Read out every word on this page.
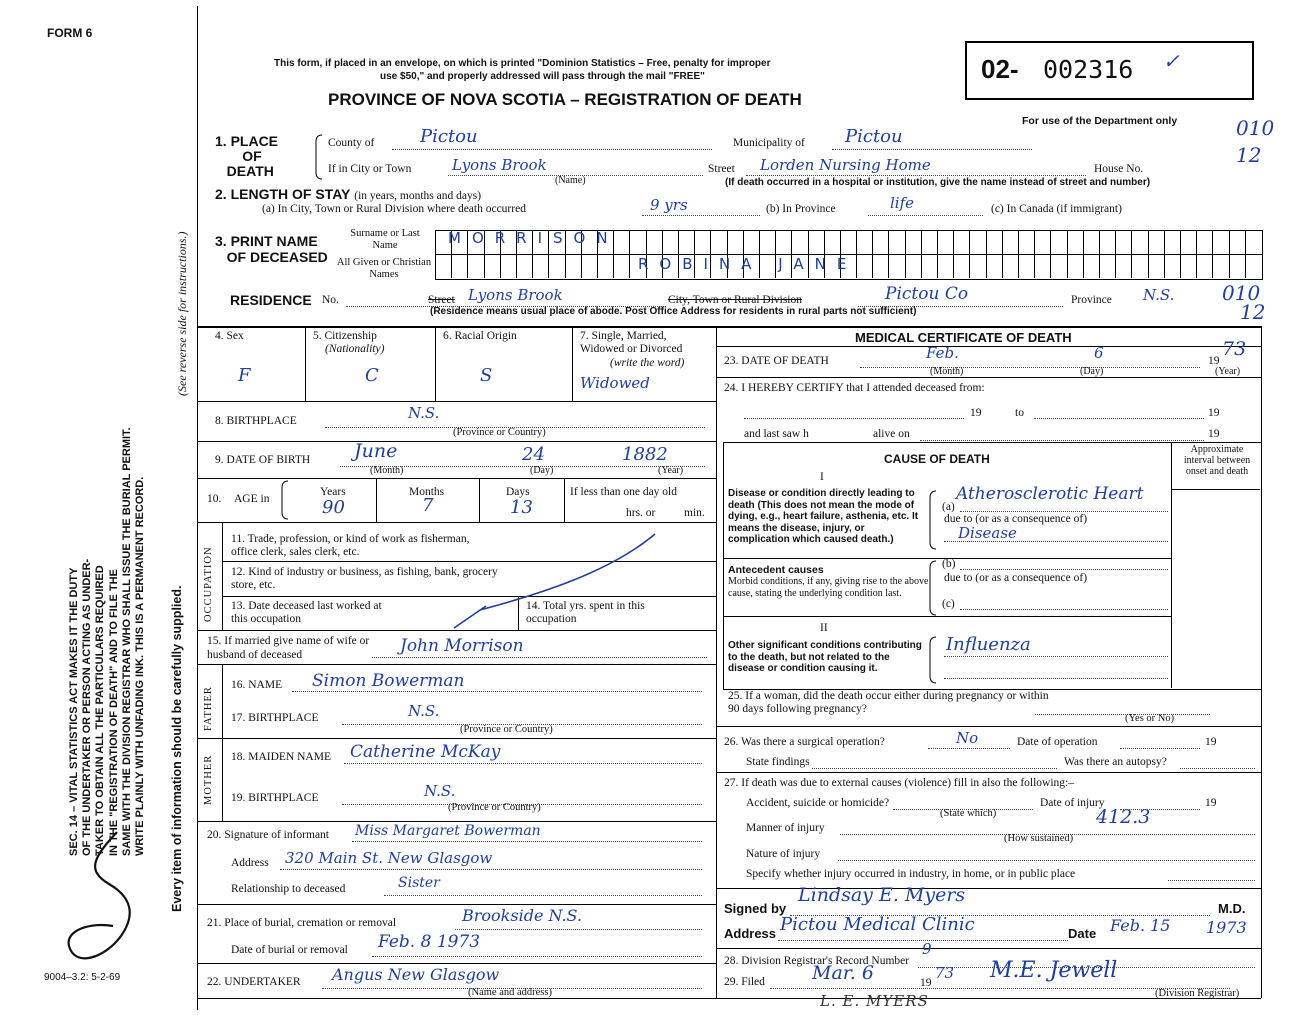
FORM 6
9004–3.2: 5-2-69
SEC. 14 – VITAL STATISTICS ACT MAKES IT THE DUTY OF THE UNDERTAKER OR PERSON ACTING AS UNDER- TAKER TO OBTAIN ALL THE PARTICULARS REQUIRED IN THE "REGISTRATION OF DEATH" AND TO FILE THE SAME WITH THE DIVISION REGISTRAR WHO SHALL ISSUE THE BURIAL PERMIT. WRITE PLAINLY WITH UNFADING INK. THIS IS A PERMANENT RECORD. Every item of information should be carefully supplied.
(See reverse side for instructions.)
This form, if placed in an envelope, on which is printed "Dominion Statistics – Free, penalty for improper
use $50," and properly addressed will pass through the mail "FREE"
PROVINCE OF NOVA SCOTIA – REGISTRATION OF DEATH
02- 002316 ✓
For use of the Department only	010
12
010
12
1. PLACE
OF
DEATH
County of	Pictou	Municipality of Pictou
If in City or Town	Lyons Brook
(Name)
Street Lorden Nursing Home	House No.
(If death occurred in a hospital or institution, give the name instead of street and number)
2. LENGTH OF STAY (in years, months and days)
(a) In City, Town or Rural Division where death occurred	9 yrs	(b) In Province	life	(c) In Canada (if immigrant)
3. PRINT NAME
OF DECEASED
Surname or Last Name
All Given or Christian Names
MORRISON
ROBINA JANE
RESIDENCE No.	Street Lyons Brook	City, Town or Rural Division	Pictou Co	Province N.S.
(Residence means usual place of abode. Post Office Address for residents in rural parts not sufficient)
4. Sex
F
5. Citizenship
(Nationality)
C
6. Racial Origin
S
7. Single, Married, Widowed or Divorced
(write the word)
Widowed
8. BIRTHPLACE	N.S.
(Province or Country)
9. DATE OF BIRTH June	24	1882
(Month)	(Day)	(Year)
10. AGE in
Years	Months	Days	If less than one day old
hrs. or min.
90	7	13
OCCUPATION
11. Trade, profession, or kind of work as fisherman, office clerk, sales clerk, etc.
12. Kind of industry or business, as fishing, bank, grocery store, etc.
13. Date deceased last worked at this occupation
14. Total yrs. spent in this occupation
15. If married give name of wife or husband of deceased	John Morrison
FATHER
16. NAME Simon Bowerman
17. BIRTHPLACE	N.S.
(Province or Country)
MOTHER 18. MAIDEN NAME Catherine McKay
19. BIRTHPLACE	N.S.
(Province or Country)
20. Signature of informant Miss Margaret Bowerman
Address 320 Main St. New Glasgow
Relationship to deceased	Sister
21. Place of burial, cremation or removal	Brookside N.S.
Date of burial or removal Feb. 8 1973
22. UNDERTAKER Angus New Glasgow
(Name and address)
MEDICAL CERTIFICATE OF DEATH
23. DATE OF DEATH	Feb.	6	19
73
(Month)	(Day)	(Year)
24. I HEREBY CERTIFY that I attended deceased from:
19	to	19
and last saw h	alive on	19
CAUSE OF DEATH
Approximate interval between onset and death
I
Disease or condition directly leading to death (This does not mean the mode of dying, e.g., heart failure, asthenia, etc. It means the disease, injury, or complication which caused death.)
(a)
Atherosclerotic Heart
due to (or as a consequence of)
Disease
Antecedent causes
Morbid conditions, if any, giving rise to the above cause, stating the underlying condition last.
(b)
due to (or as a consequence of)
(c)
II
Other significant conditions contributing to the death, but not related to the disease or condition causing it.
Influenza
25. If a woman, did the death occur either during pregnancy or within 90 days following pregnancy?
(Yes or No)
26. Was there a surgical operation?	No	Date of operation	19
State findings	Was there an autopsy?
27. If death was due to external causes (violence) fill in also the following:–
Accident, suicide or homicide?
(State which)
Date of injury	19
412.3
Manner of injury
(How sustained)
Nature of injury
Specify whether injury occurred in industry, in home, or in public place
Signed by
Lindsay E. Myers
M.D.
Address Pictou Medical Clinic	Date Feb. 15 1973
28. Division Registrar's Record Number
9
29. Filed Mar. 6	19
73 M.E. Jewell
(Division Registrar)
L. E. MYERS
